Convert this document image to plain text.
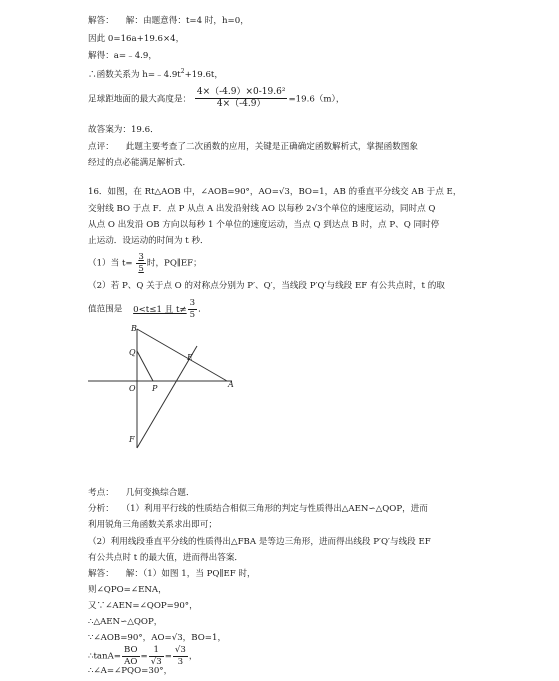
解答： 解：由题意得：t=4 时，h=0，
因此 0=16a+19.6×4，
解得：a=﹣4.9，
∴函数关系为 $h=﹣4.9t^2+19.6t$，
足球距地面的最大高度是： $\frac{\text{4×（-4.9）×0-19.6²}}{4\times(-4.9)} =19.6(m)$，
故答案为：19.6．
点评： 此题主要考查了二次函数的应用，关键是正确确定函数解析式，掌握函数图象
经过的点必能满足解析式．
16．如图，在 Rt△AOB 中，∠AOB=90°，AO=√3，BO=1，AB 的垂直平分线交 AB 于点 E，
交射线 BO 于点 F．点 P 从点 A 出发沿射线 AO 以每秒 2√3个单位的速度运动，同时点 Q
从点 O 出发沿 OB 方向以每秒 1 个单位的速度运动，当点 Q 到达点 B 时，点 P、Q 同时停
止运动．设运动的时间为 t 秒．
（1）当 $t= \frac{3}{5}$ 时，PQ∥EF；
（2）若 P、Q 关于点 O 的对称点分别为 P′、Q′，当线段 P′Q′与线段 EF 有公共点时，t 的取
值范围是 0<t≤1 且 $t\ne \frac{3}{5}$ ．
B
Q
E
O P	A
F
考点： 几何变换综合题．
分析： （1）利用平行线的性质结合相似三角形的判定与性质得出△AEN∽△QOP，进而
利用锐角三角函数关系求出即可；
（2）利用线段垂直平分线的性质得出△FBA 是等边三角形，进而得出线段 P′Q′与线段 EF
有公共点时 t 的最大值，进而得出答案．
解答： 解：（1）如图 1，当 PQ∥EF 时，
则∠QPO=∠ENA，
又∵∠AEN=∠QOP=90°，
∴△AEN∽△QOP，
∵∠AOB=90°，AO=√3，BO=1，
∴tanA= $\frac{BO}{AO} = \frac{1}{√3} = \frac{√3}{3}$ ，
∴∠A=∠PQO=30°，
